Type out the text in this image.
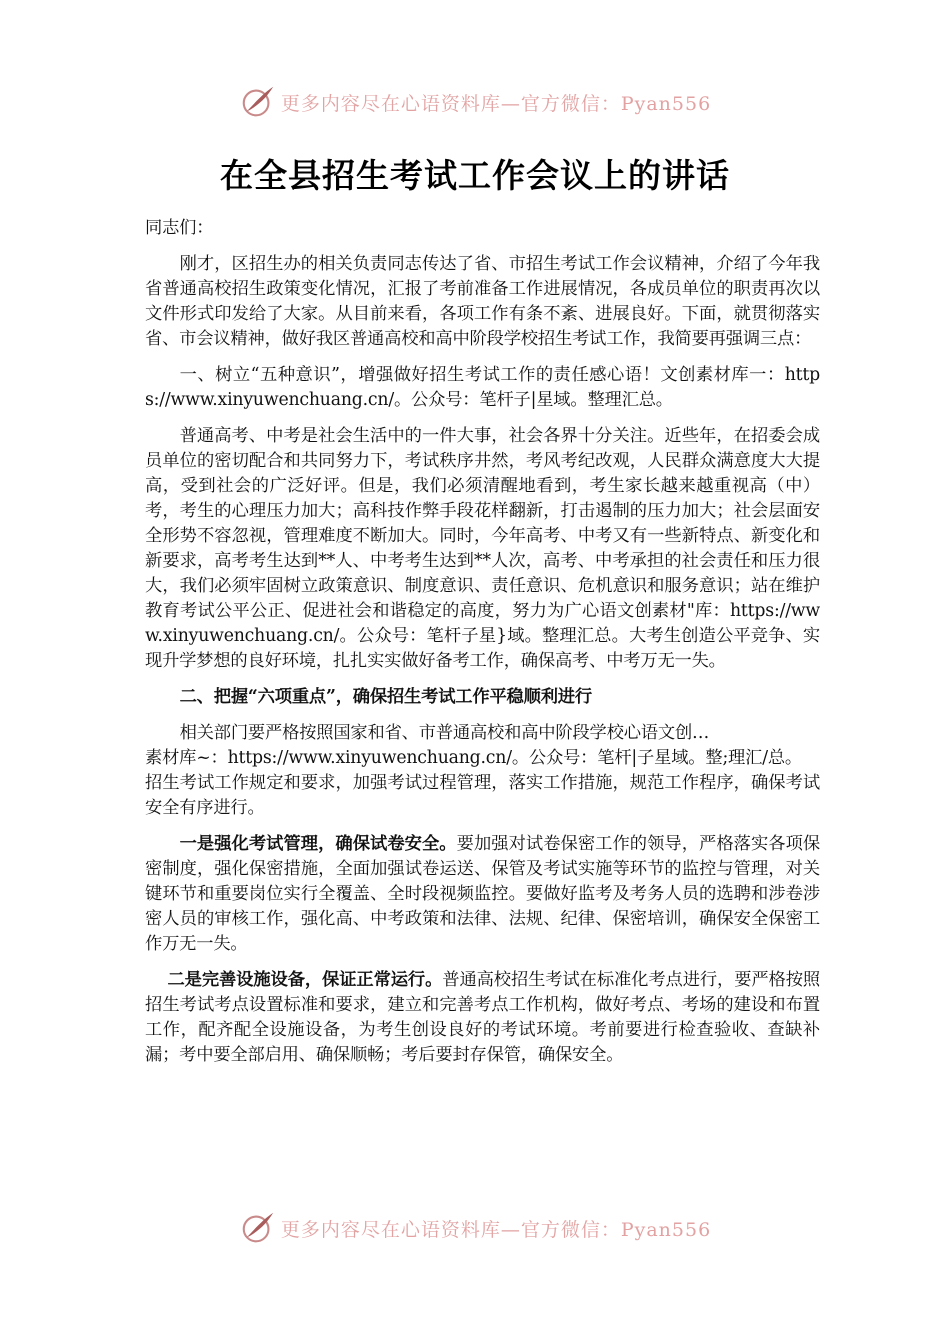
更多内容尽在心语资料库—官方微信：Pyan556
在全县招生考试工作会议上的讲话

同志们：

刚才，区招生办的相关负责同志传达了省、市招生考试工作会议精神，介绍了今年我省普通高校招生政策变化情况，汇报了考前准备工作进展情况，各成员单位的职责再次以文件形式印发给了大家。从目前来看，各项工作有条不紊、进展良好。下面，就贯彻落实省、市会议精神，做好我区普通高校和高中阶段学校招生考试工作，我简要再强调三点：

一、树立“五种意识”，增强做好招生考试工作的责任感心语！文创素材库一：https://www.xinyuwenchuang.cn/。公众号：笔杆子|星域。整理汇总。

普通高考、中考是社会生活中的一件大事，社会各界十分关注。近些年，在招委会成员单位的密切配合和共同努力下，考试秩序井然，考风考纪改观，人民群众满意度大大提高，受到社会的广泛好评。但是，我们必须清醒地看到，考生家长越来越重视高（中）考，考生的心理压力加大；高科技作弊手段花样翻新，打击遏制的压力加大；社会层面安全形势不容忽视，管理难度不断加大。同时，今年高考、中考又有一些新特点、新变化和新要求，高考考生达到**人、中考考生达到**人次，高考、中考承担的社会责任和压力很大，我们必须牢固树立政策意识、制度意识、责任意识、危机意识和服务意识；站在维护教育考试公平公正、促进社会和谐稳定的高度，努力为广心语文创素材"库：https://www.xinyuwenchuang.cn/。公众号：笔杆子星}域。整理汇总。大考生创造公平竞争、实现升学梦想的良好环境，扎扎实实做好备考工作，确保高考、中考万无一失。

二、把握“六项重点”，确保招生考试工作平稳顺利进行

相关部门要严格按照国家和省、市普通高校和高中阶段学校心语文创…

素材库~：https://www.xinyuwenchuang.cn/。公众号：笔杆|子星域。整;理汇/总。

招生考试工作规定和要求，加强考试过程管理，落实工作措施，规范工作程序，确保考试安全有序进行。

一是强化考试管理，确保试卷安全。要加强对试卷保密工作的领导，严格落实各项保密制度，强化保密措施，全面加强试卷运送、保管及考试实施等环节的监控与管理，对关键环节和重要岗位实行全覆盖、全时段视频监控。要做好监考及考务人员的选聘和涉卷涉密人员的审核工作，强化高、中考政策和法律、法规、纪律、保密培训，确保安全保密工作万无一失。

二是完善设施设备，保证正常运行。普通高校招生考试在标准化考点进行，要严格按照招生考试考点设置标准和要求，建立和完善考点工作机构，做好考点、考场的建设和布置工作，配齐配全设施设备，为考生创设良好的考试环境。考前要进行检查验收、查缺补漏；考中要全部启用、确保顺畅；考后要封存保管，确保安全。

更多内容尽在心语资料库—官方微信：Pyan556
